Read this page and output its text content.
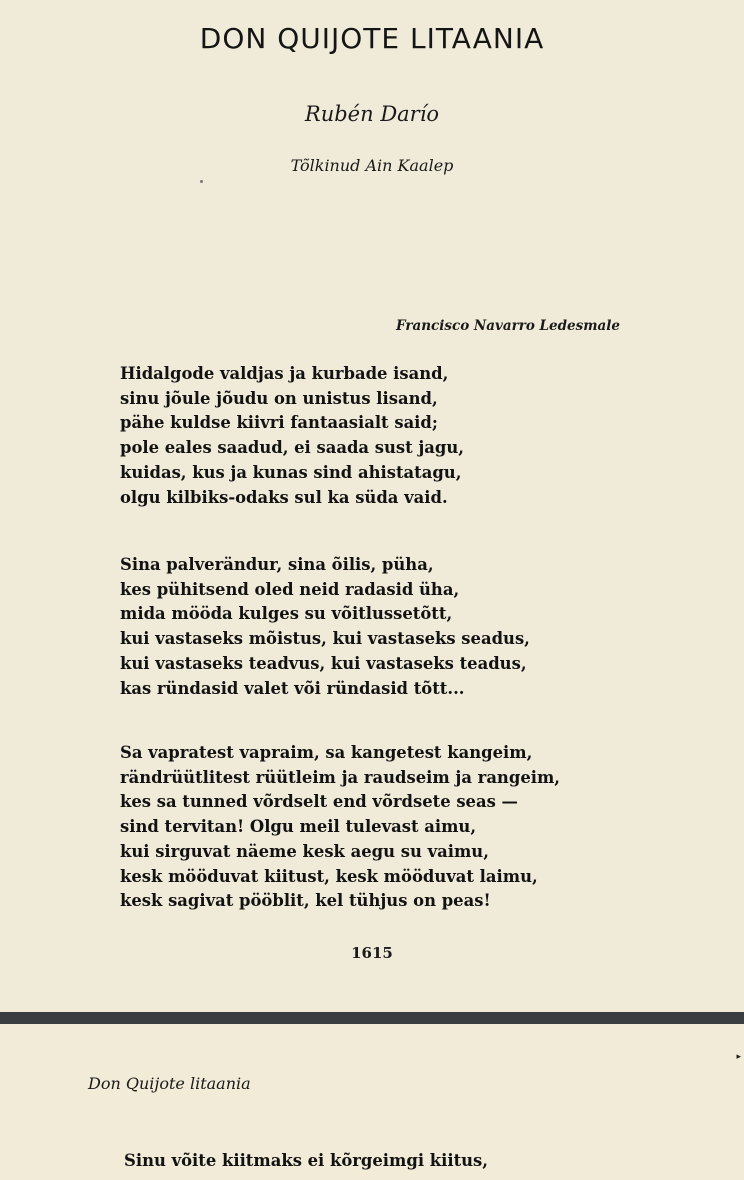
DON QUIJOTE LITAANIA
Rubén Darío
Tõlkinud Ain Kaalep
Francisco Navarro Ledesmale
Hidalgode valdjas ja kurbade isand,
sinu jõule jõudu on unistus lisand,
pähe kuldse kiivri fantaasialt said;
pole eales saadud, ei saada sust jagu,
kuidas, kus ja kunas sind ahistatagu,
olgu kilbiks-odaks sul ka süda vaid.
Sina palverändur, sina õilis, püha,
kes pühitsend oled neid radasid üha,
mida mööda kulges su võitlussetõtt,
kui vastaseks mõistus, kui vastaseks seadus,
kui vastaseks teadvus, kui vastaseks teadus,
kas ründasid valet või ründasid tõtt...
Sa vapratest vapraim, sa kangetest kangeim,
rändrüütlitest rüütleim ja raudseim ja rangeim,
kes sa tunned võrdselt end võrdsete seas —
sind tervitan! Olgu meil tulevast aimu,
kui sirguvat näeme kesk aegu su vaimu,
kesk mööduvat kiitust, kesk mööduvat laimu,
kesk sagivat pööblit, kel tühjus on peas!
1615
▸
Don Quijote litaania
Sinu võite kiitmaks ei kõrgeimgi kiitus,
